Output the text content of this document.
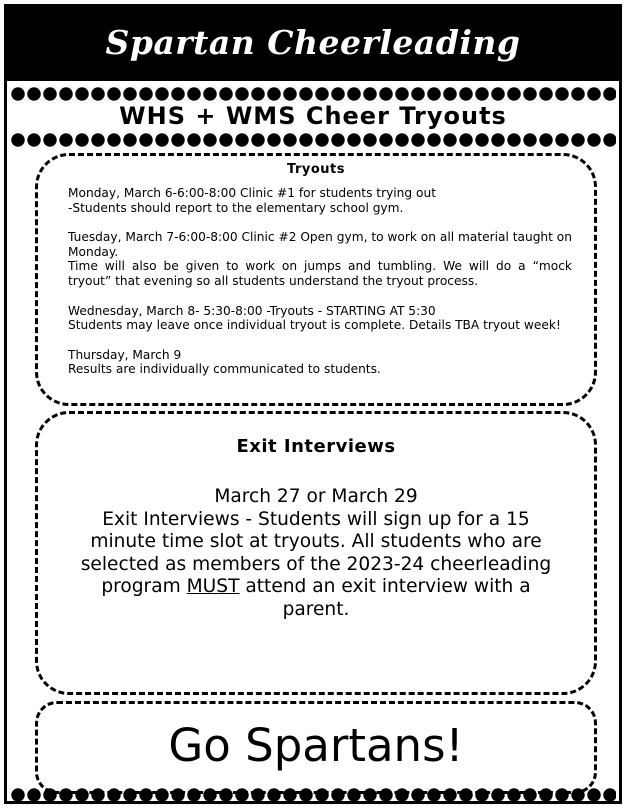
Spartan Cheerleading
WHS + WMS Cheer Tryouts
Tryouts

Monday, March 6-6:00-8:00 Clinic #1 for students trying out
-Students should report to the elementary school gym.

Tuesday, March 7-6:00-8:00 Clinic #2 Open gym, to work on all material taught on Monday.
Time will also be given to work on jumps and tumbling. We will do a “mock tryout” that evening so all students understand the tryout process.

Wednesday, March 8- 5:30-8:00 -Tryouts - STARTING AT 5:30
Students may leave once individual tryout is complete. Details TBA tryout week!

Thursday, March 9
Results are individually communicated to students.

Exit Interviews
March 27 or March 29
Exit Interviews - Students will sign up for a 15 minute time slot at tryouts. All students who are selected as members of the 2023-24 cheerleading program MUST attend an exit interview with a parent.
Go Spartans!
